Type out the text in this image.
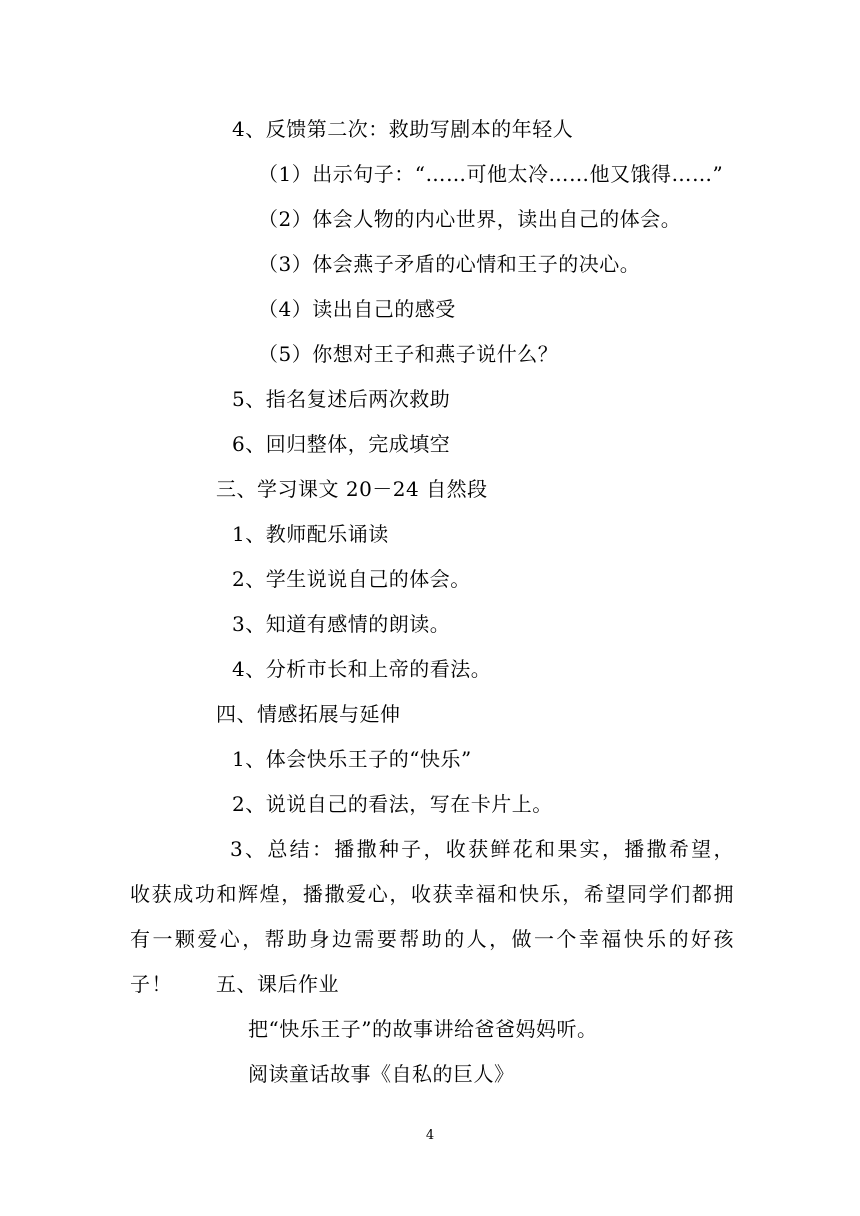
4、反馈第二次：救助写剧本的年轻人
（1）出示句子：“……可他太冷……他又饿得……”
（2）体会人物的内心世界，读出自己的体会。
（3）体会燕子矛盾的心情和王子的决心。
（4）读出自己的感受
（5）你想对王子和燕子说什么？
5、指名复述后两次救助
6、回归整体，完成填空
三、学习课文 20－24 自然段
1、教师配乐诵读
2、学生说说自己的体会。
3、知道有感情的朗读。
4、分析市长和上帝的看法。
四、情感拓展与延伸
1、体会快乐王子的“快乐”
2、说说自己的看法，写在卡片上。
3、总结：播撒种子，收获鲜花和果实，播撒希望，收获成功和辉煌，播撒爱心，收获幸福和快乐，希望同学们都拥有一颗爱心，帮助身边需要帮助的人，做一个幸福快乐的好孩子！	五、课后作业
把“快乐王子”的故事讲给爸爸妈妈听。
阅读童话故事《自私的巨人》
4
